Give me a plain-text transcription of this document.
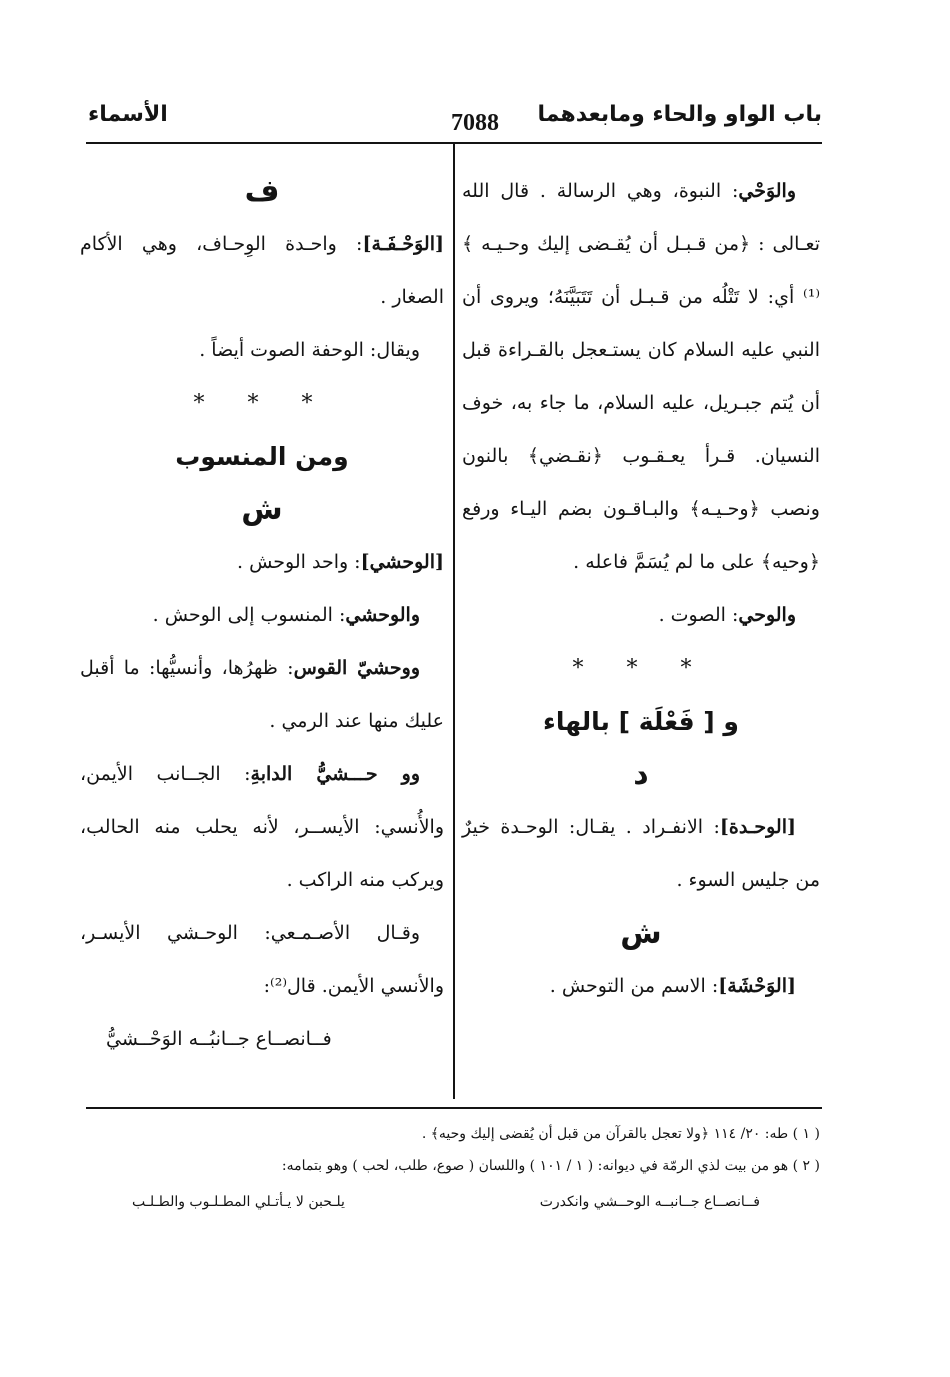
باب الواو والحاء ومابعدهما
7088
الأسماء

والوَحْي: النبوة، وهي الرسالة . قال الله تعـالى : ﴿من قـبـل أن يُقـضى إليك وحـيـه ﴾⁽¹⁾ أي: لا تَتْلُه من قـبـل أن تَتَبَيَّنَهُ؛ ويروى أن النبي عليه السلام كان يستـعجل بالقـراءة قبل أن يُتم جبـريل، عليه السلام، ما جاء به، خوف النسيان. قـرأ يعـقـوب ﴿نقـضي﴾ بالنون ونصب ﴿وحـيـه﴾ والبـاقـون بضم اليـاء ورفع ﴿وحيه﴾ على ما لم يُسَمَّ فاعله .

والوحي: الصوت .

* * *

و [ فَعْلَة ] بالهاء

د

[الوحـدة]: الانفـراد . يقـال: الوحـدة خيرٌ من جليس السوء .

ش

[الوَحْشَة]: الاسم من التوحش .

ف

[الوَحْـفَـة]: واحـدة الوِحـاف، وهي الأكام الصغار .

ويقال: الوحفة الصوت أيضاً .

* * *

ومن المنسوب

ش

[الوحشي]: واحد الوحش .

والوحشي: المنسوب إلى الوحش .

ووحشيّ القوس: ظهرُها، وأنسيُّها: ما أقبل عليك منها عند الرمي .

وو حـــشيُّ الدابةِ: الجــانب الأيمن، والأُنسي: الأيســر، لأنه يحلب منه الحالب، ويركب منه الراكب .

وقـال الأصـمـعي: الوحـشي الأيسـر، والأنسي الأيمن. قال⁽²⁾:

فــانصــاع جــانبُــه الوَحْــشيُّ

( ١ ) طه: ٢٠/ ١١٤ ﴿ولا تعجل بالقرآن من قبل أن يُقضى إليك وحيه﴾ .
( ٢ ) هو من بيت لذي الرمّة في ديوانه: ( ١ / ١٠١ ) واللسان ( صوع، طلب، لحب ) وهو بتمامه:
فــانصــاع جــانبــه الوحــشي وانكدرت
يلـحبن لا يـأتـلي المطـلـوب والطـلـب
